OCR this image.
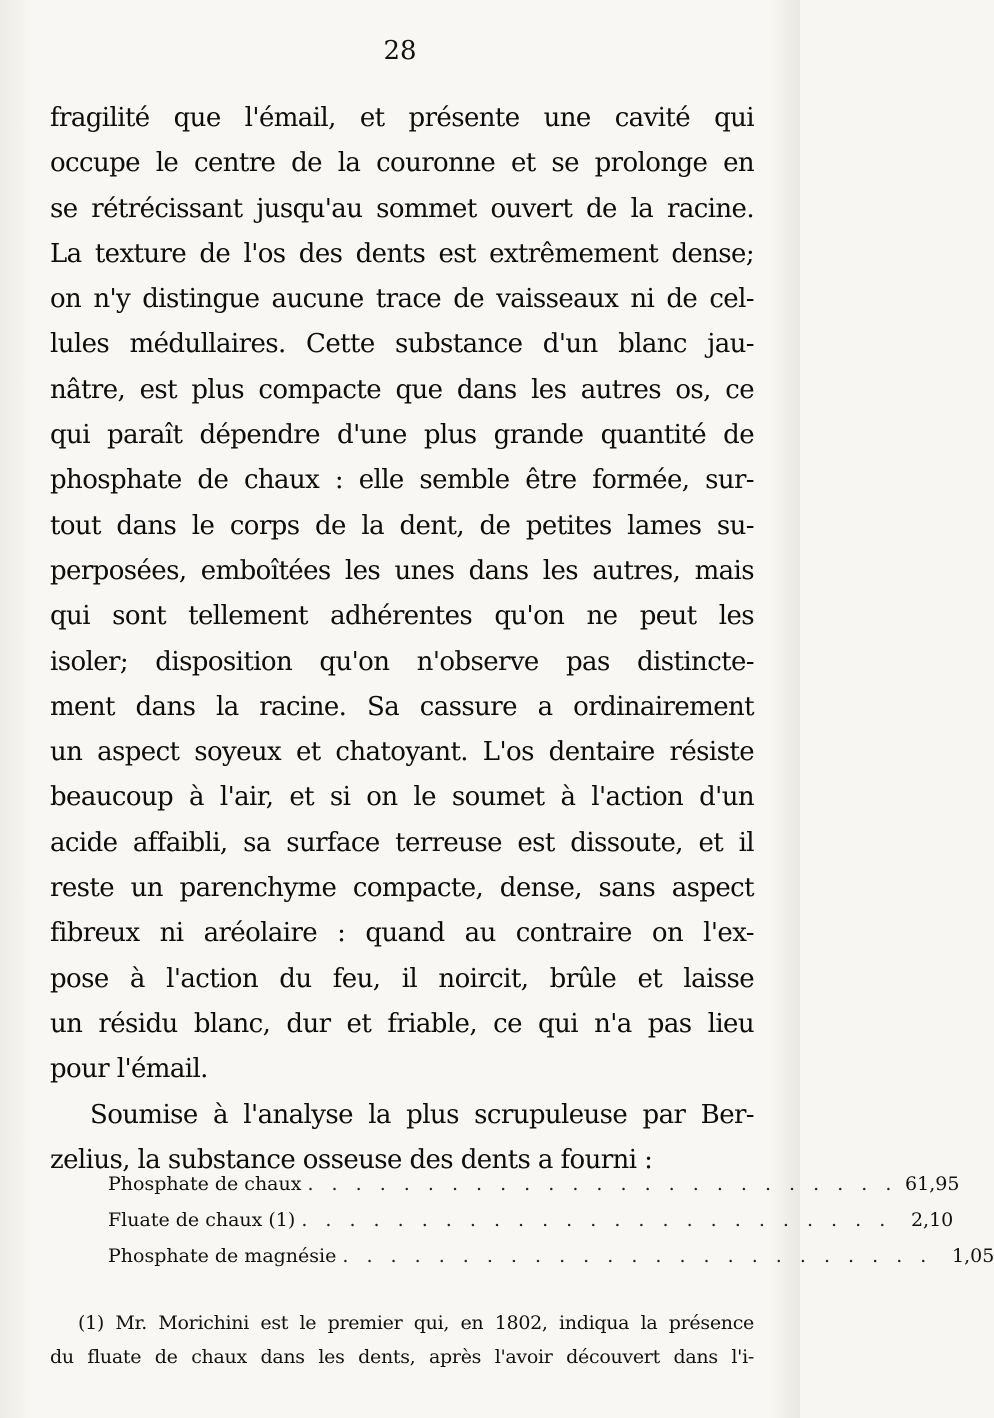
28
fragilité que l'émail, et présente une cavité qui
occupe le centre de la couronne et se prolonge en
se rétrécissant jusqu'au sommet ouvert de la racine.
La texture de l'os des dents est extrêmement dense;
on n'y distingue aucune trace de vaisseaux ni de cel-
lules médullaires. Cette substance d'un blanc jau-
nâtre, est plus compacte que dans les autres os, ce
qui paraît dépendre d'une plus grande quantité de
phosphate de chaux : elle semble être formée, sur-
tout dans le corps de la dent, de petites lames su-
perposées, emboîtées les unes dans les autres, mais
qui sont tellement adhérentes qu'on ne peut les
isoler; disposition qu'on n'observe pas distincte-
ment dans la racine. Sa cassure a ordinairement
un aspect soyeux et chatoyant. L'os dentaire résiste
beaucoup à l'air, et si on le soumet à l'action d'un
acide affaibli, sa surface terreuse est dissoute, et il
reste un parenchyme compacte, dense, sans aspect
fibreux ni aréolaire : quand au contraire on l'ex-
pose à l'action du feu, il noircit, brûle et laisse
un résidu blanc, dur et friable, ce qui n'a pas lieu
pour l'émail.
Soumise à l'analyse la plus scrupuleuse par Ber-
zelius, la substance osseuse des dents a fourni :
Phosphate de chaux . . . . . . . . . . . . . . . . . . . . . . . . . 61,95
Fluate de chaux (1) . . . . . . . . . . . . . . . . . . . . . . . . .	2,10
Phosphate de magnésie . . . . . . . . . . . . . . . . . . . . . . . . .	1,05
(1) Mr. Morichini est le premier qui, en 1802, indiqua la présence
du fluate de chaux dans les dents, après l'avoir découvert dans l'i-
